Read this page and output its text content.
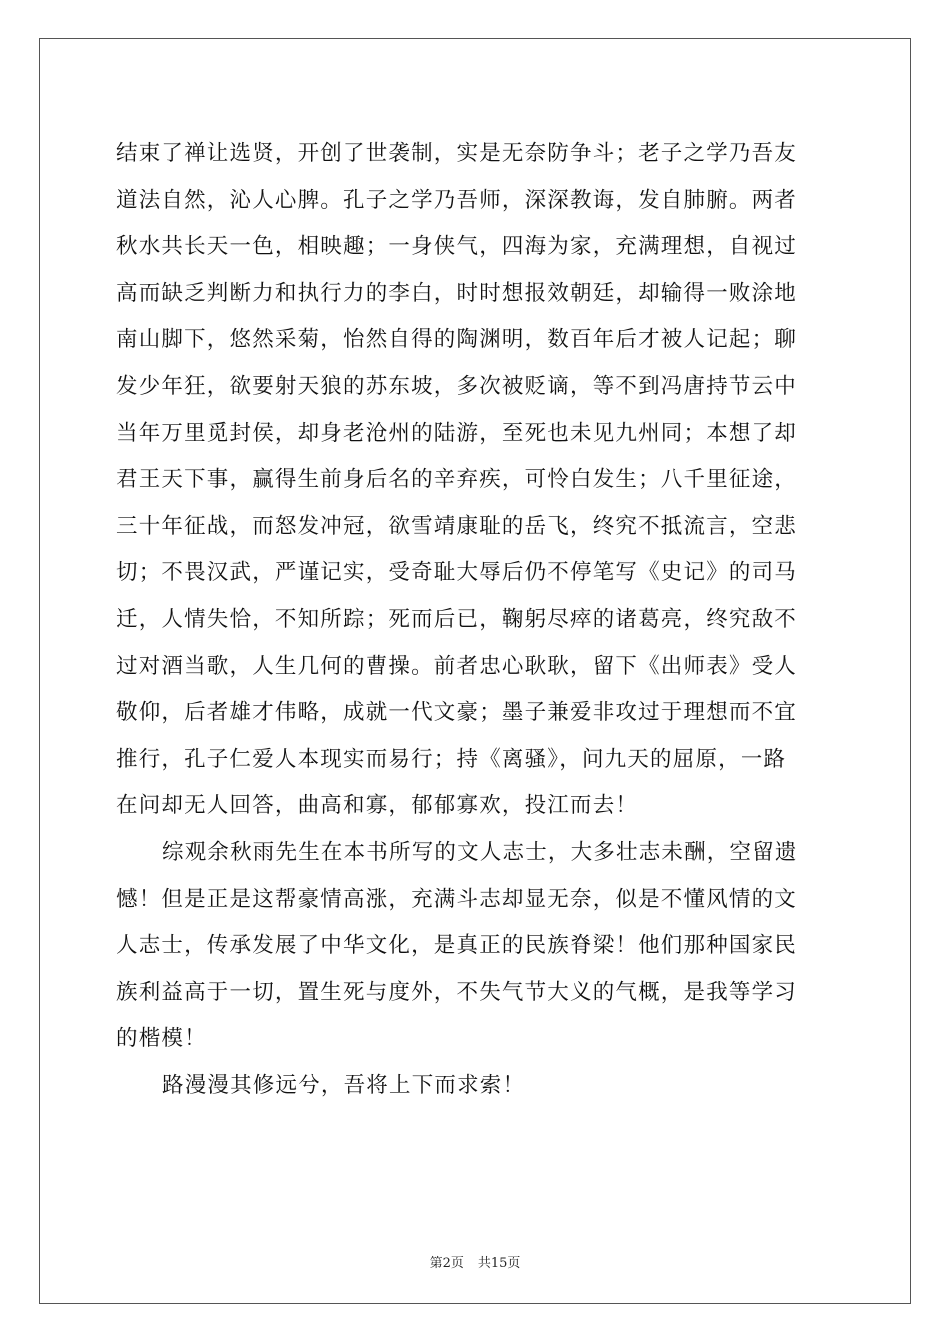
结束了禅让选贤，开创了世袭制，实是无奈防争斗；老子之学乃吾友
道法自然，沁人心脾。孔子之学乃吾师，深深教诲，发自肺腑。两者
秋水共长天一色，相映趣；一身侠气，四海为家，充满理想，自视过
高而缺乏判断力和执行力的李白，时时想报效朝廷，却输得一败涂地
南山脚下，悠然采菊，怡然自得的陶渊明，数百年后才被人记起；聊
发少年狂，欲要射天狼的苏东坡，多次被贬谪，等不到冯唐持节云中
当年万里觅封侯，却身老沧州的陆游，至死也未见九州同；本想了却
君王天下事，赢得生前身后名的辛弃疾，可怜白发生；八千里征途，
三十年征战，而怒发冲冠，欲雪靖康耻的岳飞，终究不抵流言，空悲
切；不畏汉武，严谨记实，受奇耻大辱后仍不停笔写《史记》的司马
迁，人情失恰，不知所踪；死而后已，鞠躬尽瘁的诸葛亮，终究敌不
过对酒当歌，人生几何的曹操。前者忠心耿耿，留下《出师表》受人
敬仰，后者雄才伟略，成就一代文豪；墨子兼爱非攻过于理想而不宜
推行，孔子仁爱人本现实而易行；持《离骚》，问九天的屈原，一路
在问却无人回答，曲高和寡，郁郁寡欢，投江而去！
综观余秋雨先生在本书所写的文人志士，大多壮志未酬，空留遗
憾！但是正是这帮豪情高涨，充满斗志却显无奈，似是不懂风情的文
人志士，传承发展了中华文化，是真正的民族脊梁！他们那种国家民
族利益高于一切，置生死与度外，不失气节大义的气概，是我等学习
的楷模！
路漫漫其修远兮，吾将上下而求索！
第2页 共15页
